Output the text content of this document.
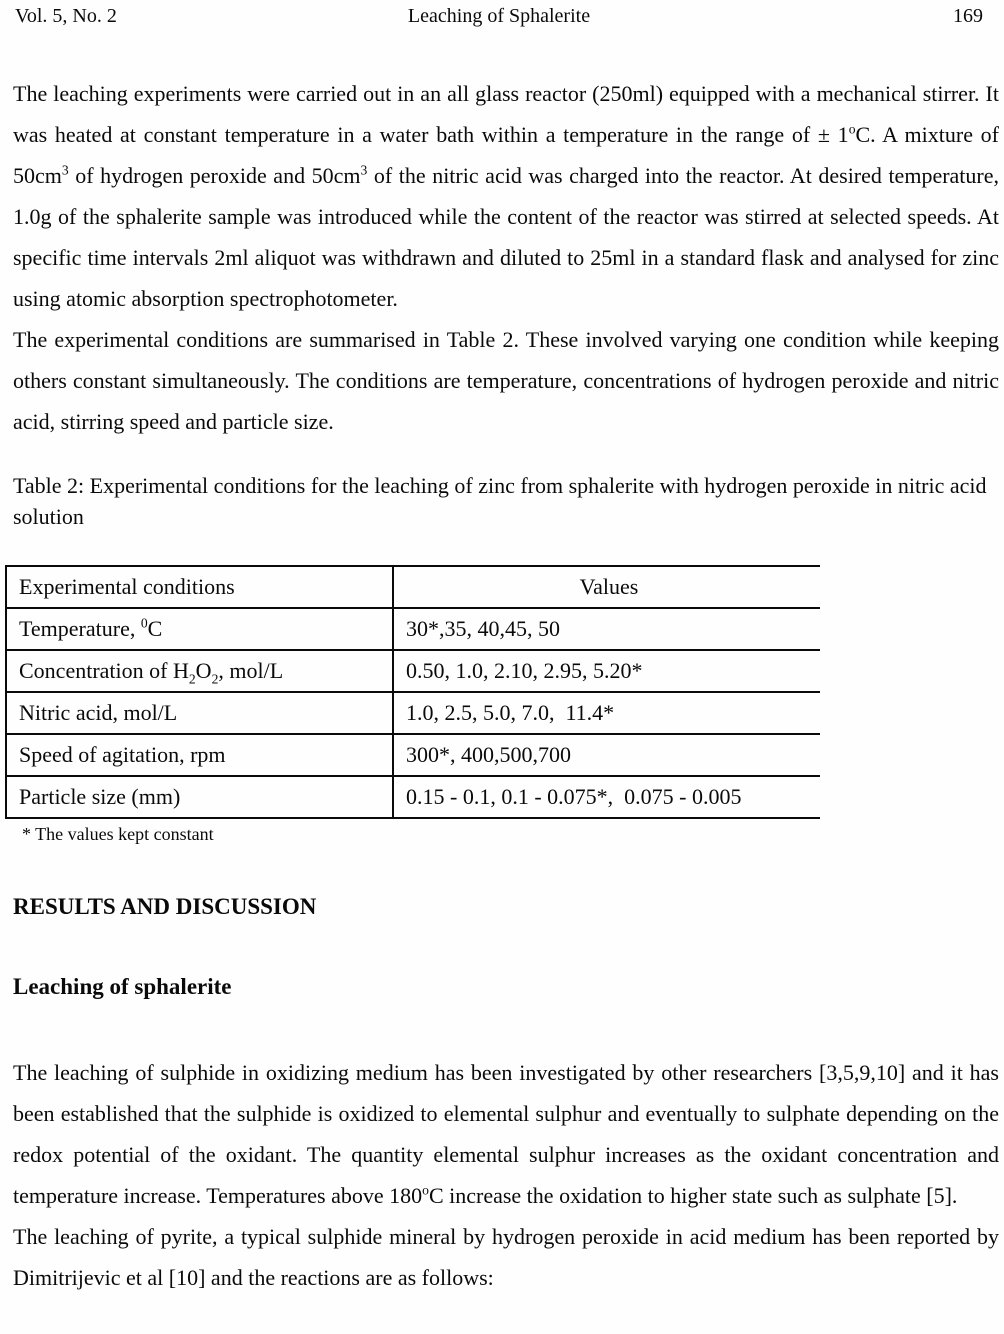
Vol. 5, No. 2	Leaching of Sphalerite	169

The leaching experiments were carried out in an all glass reactor (250ml) equipped with a mechanical stirrer. It was heated at constant temperature in a water bath within a temperature in the range of ± $1^oC$. A mixture of $50cm^3$ of hydrogen peroxide and $50cm^3$ of the nitric acid was charged into the reactor. At desired temperature, 1.0g of the sphalerite sample was introduced while the content of the reactor was stirred at selected speeds. At specific time intervals 2ml aliquot was withdrawn and diluted to 25ml in a standard flask and analysed for zinc using atomic absorption spectrophotometer.

The experimental conditions are summarised in Table 2. These involved varying one condition while keeping others constant simultaneously. The conditions are temperature, concentrations of hydrogen peroxide and nitric acid, stirring speed and particle size.

Table 2: Experimental conditions for the leaching of zinc from sphalerite with hydrogen peroxide in nitric acid solution

Experimental conditions	Values
Temperature, $^0$C	30*,35, 40,45, 50
Concentration of $H_2O_2$, mol/L	0.50, 1.0, 2.10, 2.95, 5.20*
Nitric acid, mol/L	1.0, 2.5, 5.0, 7.0,  11.4*
Speed of agitation, rpm	300*, 400,500,700
Particle size (mm)	0.15 - 0.1, 0.1 - 0.075*,  0.075 - 0.005
* The values kept constant
RESULTS AND DISCUSSION
Leaching of sphalerite

The leaching of sulphide in oxidizing medium has been investigated by other researchers [3,5,9,10] and it has been established that the sulphide is oxidized to elemental sulphur and eventually to sulphate depending on the redox potential of the oxidant. The quantity elemental sulphur increases as the oxidant concentration and temperature increase. Temperatures above 180$^o$C increase the oxidation to higher state such as sulphate [5].

The leaching of pyrite, a typical sulphide mineral by hydrogen peroxide in acid medium has been reported by Dimitrijevic et al [10] and the reactions are as follows:
